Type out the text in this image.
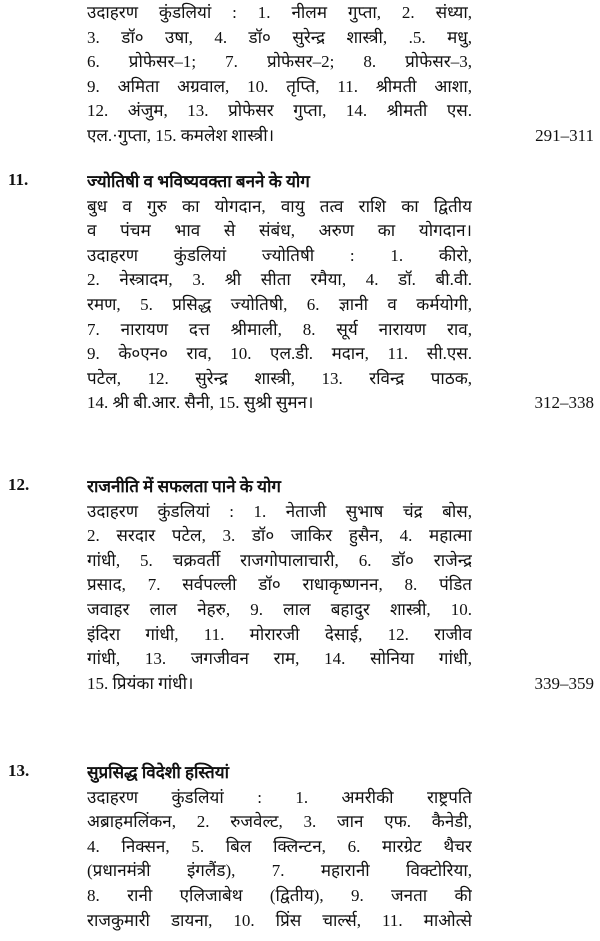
उदाहरण कुंडलियां : 1. नीलम गुप्ता, 2. संध्या,
3. डॉ० उषा, 4. डॉ० सुरेन्द्र शास्त्री, .5. मधु,
6. प्रोफेसर–1; 7. प्रोफेसर–2; 8. प्रोफेसर–3,
9. अमिता अग्रवाल, 10. तृप्ति, 11. श्रीमती आशा,
12. अंजुम, 13. प्रोफेसर गुप्ता, 14. श्रीमती एस.
एल.·गुप्ता, 15. कमलेश शास्त्री।	291–311
11.	ज्योतिषी व भविष्यवक्ता बनने के योग
बुध व गुरु का योगदान, वायु तत्व राशि का द्वितीय
व पंचम भाव से संबंध, अरुण का योगदान।
उदाहरण कुंडलियां ज्योतिषी : 1. कीरो,
2. नेस्त्रादम, 3. श्री सीता रमैया, 4. डॉ. बी.वी.
रमण, 5. प्रसिद्ध ज्योतिषी, 6. ज्ञानी व कर्मयोगी,
7. नारायण दत्त श्रीमाली, 8. सूर्य नारायण राव,
9. के०एन० राव, 10. एल.डी. मदान, 11. सी.एस.
पटेल, 12. सुरेन्द्र शास्त्री, 13. रविन्द्र पाठक,
14. श्री बी.आर. सैनी, 15. सुश्री सुमन।	312–338
12.	राजनीति में सफलता पाने के योग
उदाहरण कुंडलियां : 1. नेताजी सुभाष चंद्र बोस,
2. सरदार पटेल, 3. डॉ० जाकिर हुसैन, 4. महात्मा
गांधी, 5. चक्रवर्ती राजगोपालाचारी, 6. डॉ० राजेन्द्र
प्रसाद, 7. सर्वपल्ली डॉ० राधाकृष्णनन, 8. पंडित
जवाहर लाल नेहरु, 9. लाल बहादुर शास्त्री, 10.
इंदिरा गांधी, 11. मोरारजी देसाई, 12. राजीव
गांधी, 13. जगजीवन राम, 14. सोनिया गांधी,
15. प्रियंका गांधी।	339–359
13.	सुप्रसिद्ध विदेशी हस्तियां
उदाहरण कुंडलियां : 1. अमरीकी राष्ट्रपति
अब्राहमलिंकन, 2. रुजवेल्ट, 3. जान एफ. कैनेडी,
4. निक्सन, 5. बिल क्लिन्टन, 6. मारग्रेट थैचर
(प्रधानमंत्री इंगलैंड), 7. महारानी विक्टोरिया,
8. रानी एलिजाबेथ (द्वितीय), 9. जनता की
राजकुमारी डायना, 10. प्रिंस चार्ल्स, 11. माओत्से
